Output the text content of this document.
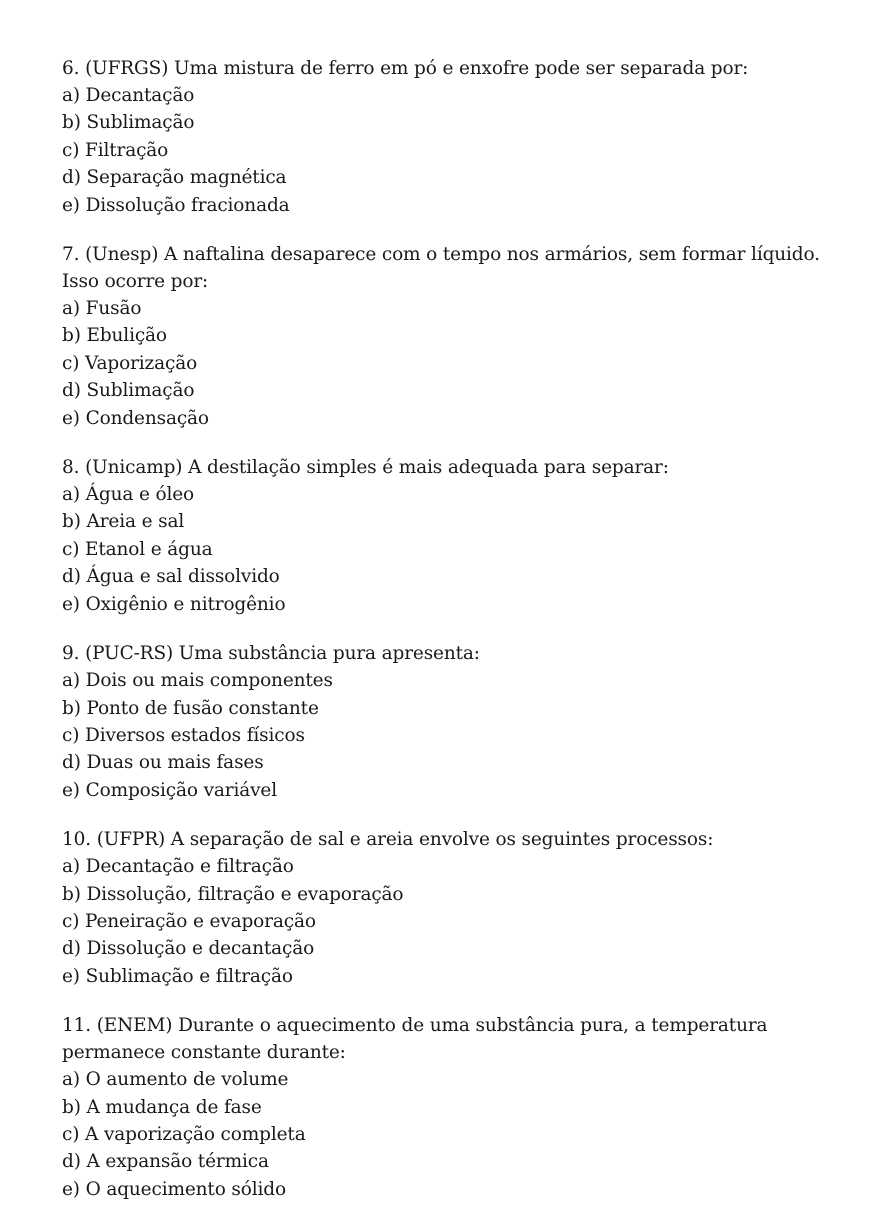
6. (UFRGS) Uma mistura de ferro em pó e enxofre pode ser separada por:

a) Decantação
b) Sublimação
c) Filtração
d) Separação magnética
e) Dissolução fracionada

7. (Unesp) A naftalina desaparece com o tempo nos armários, sem formar líquido. Isso ocorre por:

a) Fusão
b) Ebulição
c) Vaporização
d) Sublimação
e) Condensação

8. (Unicamp) A destilação simples é mais adequada para separar:

a) Água e óleo
b) Areia e sal
c) Etanol e água
d) Água e sal dissolvido
e) Oxigênio e nitrogênio

9. (PUC-RS) Uma substância pura apresenta:

a) Dois ou mais componentes
b) Ponto de fusão constante
c) Diversos estados físicos
d) Duas ou mais fases
e) Composição variável

10. (UFPR) A separação de sal e areia envolve os seguintes processos:

a) Decantação e filtração
b) Dissolução, filtração e evaporação
c) Peneiração e evaporação
d) Dissolução e decantação
e) Sublimação e filtração

11. (ENEM) Durante o aquecimento de uma substância pura, a temperatura permanece constante durante:

a) O aumento de volume
b) A mudança de fase
c) A vaporização completa
d) A expansão térmica
e) O aquecimento sólido
